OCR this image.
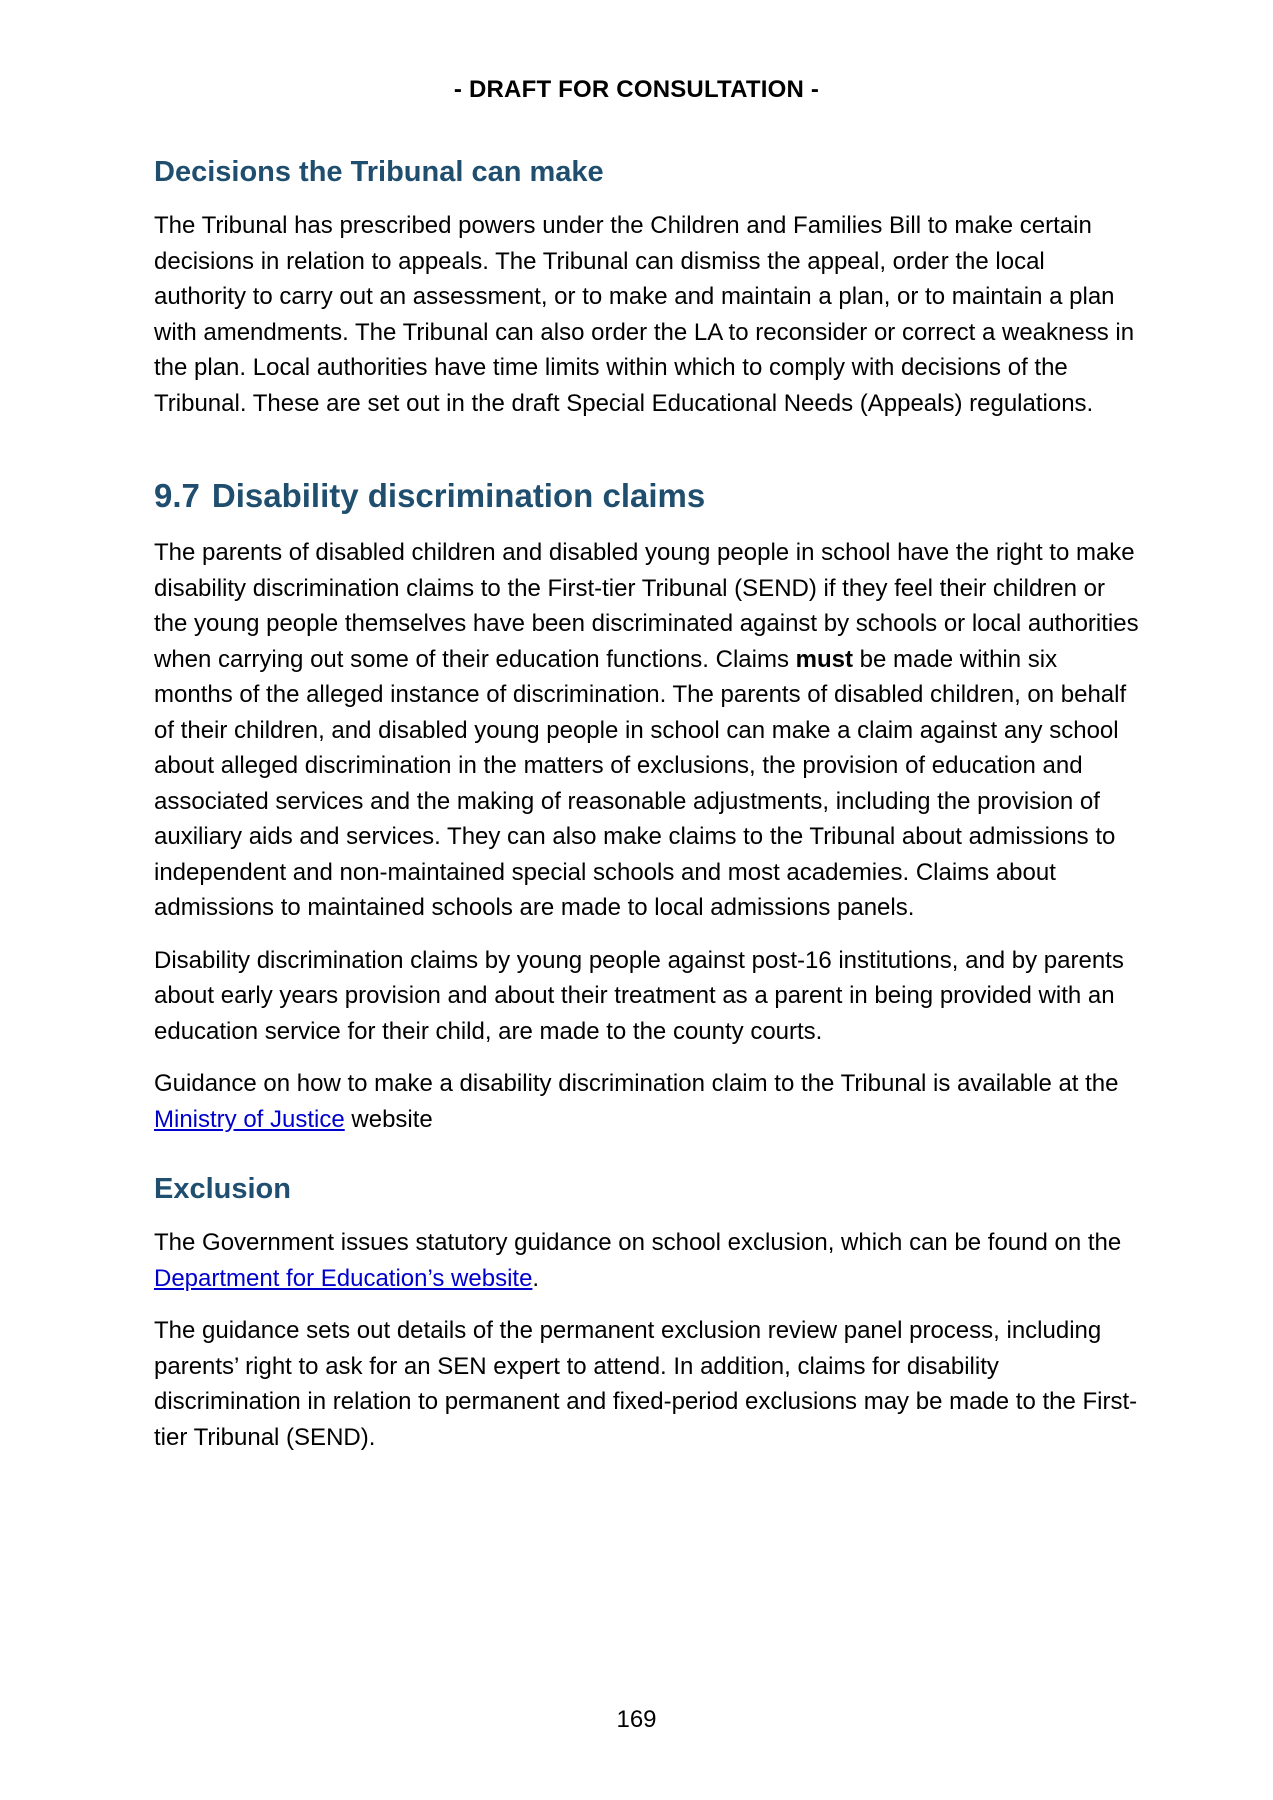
- DRAFT FOR CONSULTATION -
Decisions the Tribunal can make

The Tribunal has prescribed powers under the Children and Families Bill to make certain decisions in relation to appeals. The Tribunal can dismiss the appeal, order the local authority to carry out an assessment, or to make and maintain a plan, or to maintain a plan with amendments. The Tribunal can also order the LA to reconsider or correct a weakness in the plan. Local authorities have time limits within which to comply with decisions of the Tribunal. These are set out in the draft Special Educational Needs (Appeals) regulations.

9.7 Disability discrimination claims

The parents of disabled children and disabled young people in school have the right to make disability discrimination claims to the First-tier Tribunal (SEND) if they feel their children or the young people themselves have been discriminated against by schools or local authorities when carrying out some of their education functions. Claims must be made within six months of the alleged instance of discrimination. The parents of disabled children, on behalf of their children, and disabled young people in school can make a claim against any school about alleged discrimination in the matters of exclusions, the provision of education and associated services and the making of reasonable adjustments, including the provision of auxiliary aids and services. They can also make claims to the Tribunal about admissions to independent and non-maintained special schools and most academies. Claims about admissions to maintained schools are made to local admissions panels.

Disability discrimination claims by young people against post-16 institutions, and by parents about early years provision and about their treatment as a parent in being provided with an education service for their child, are made to the county courts.

Guidance on how to make a disability discrimination claim to the Tribunal is available at the Ministry of Justice website

Exclusion

The Government issues statutory guidance on school exclusion, which can be found on the Department for Education’s website.

The guidance sets out details of the permanent exclusion review panel process, including parents’ right to ask for an SEN expert to attend. In addition, claims for disability discrimination in relation to permanent and fixed-period exclusions may be made to the First-tier Tribunal (SEND).

169
